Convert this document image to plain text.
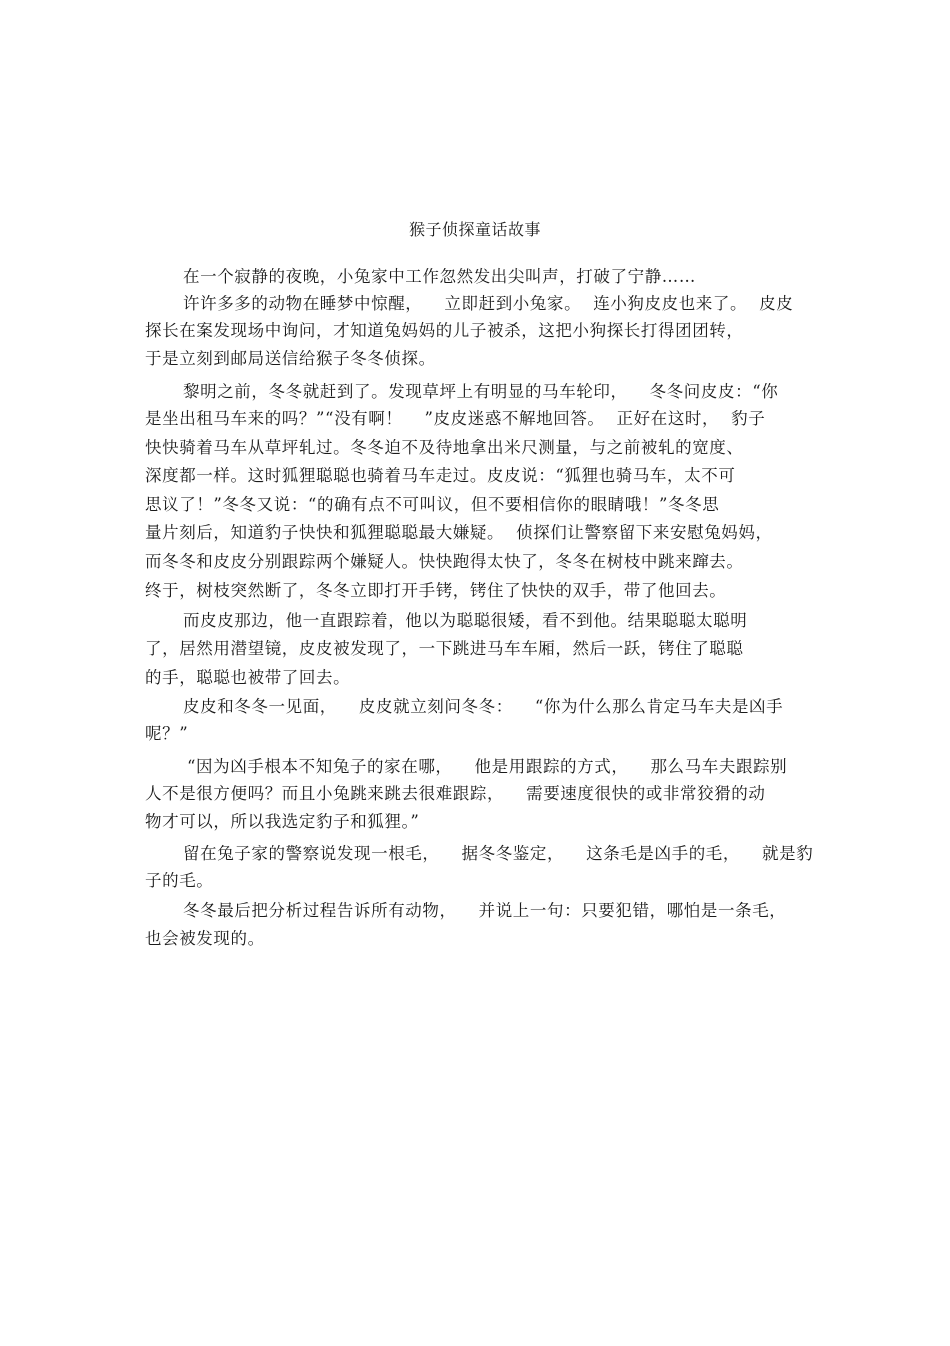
猴子侦探童话故事
在一个寂静的夜晚，小兔家中工作忽然发出尖叫声，打破了宁静……
许许多多的动物在睡梦中惊醒， 立即赶到小兔家。 连小狗皮皮也来了。 皮皮
探长在案发现场中询问，才知道兔妈妈的儿子被杀，这把小狗探长打得团团转，
于是立刻到邮局送信给猴子冬冬侦探。
黎明之前，冬冬就赶到了。发现草坪上有明显的马车轮印， 冬冬问皮皮：“你
是坐出租马车来的吗？”“没有啊！ ”皮皮迷惑不解地回答。 正好在这时， 豹子
快快骑着马车从草坪轧过。冬冬迫不及待地拿出米尺测量，与之前被轧的宽度、
深度都一样。这时狐狸聪聪也骑着马车走过。皮皮说：“狐狸也骑马车，太不可
思议了！”冬冬又说：“的确有点不可叫议，但不要相信你的眼睛哦！”冬冬思
量片刻后，知道豹子快快和狐狸聪聪最大嫌疑。 侦探们让警察留下来安慰兔妈妈，
而冬冬和皮皮分别跟踪两个嫌疑人。快快跑得太快了，冬冬在树枝中跳来蹿去。
终于，树枝突然断了，冬冬立即打开手铐，铐住了快快的双手，带了他回去。
而皮皮那边，他一直跟踪着，他以为聪聪很矮，看不到他。结果聪聪太聪明
了，居然用潜望镜，皮皮被发现了，一下跳进马车车厢，然后一跃，铐住了聪聪
的手，聪聪也被带了回去。
皮皮和冬冬一见面， 皮皮就立刻问冬冬： “你为什么那么肯定马车夫是凶手
呢？”
“因为凶手根本不知兔子的家在哪， 他是用跟踪的方式， 那么马车夫跟踪别
人不是很方便吗？而且小兔跳来跳去很难跟踪， 需要速度很快的或非常狡猾的动
物才可以，所以我选定豹子和狐狸。”
留在兔子家的警察说发现一根毛， 据冬冬鉴定， 这条毛是凶手的毛， 就是豹
子的毛。
冬冬最后把分析过程告诉所有动物， 并说上一句：只要犯错，哪怕是一条毛，
也会被发现的。
